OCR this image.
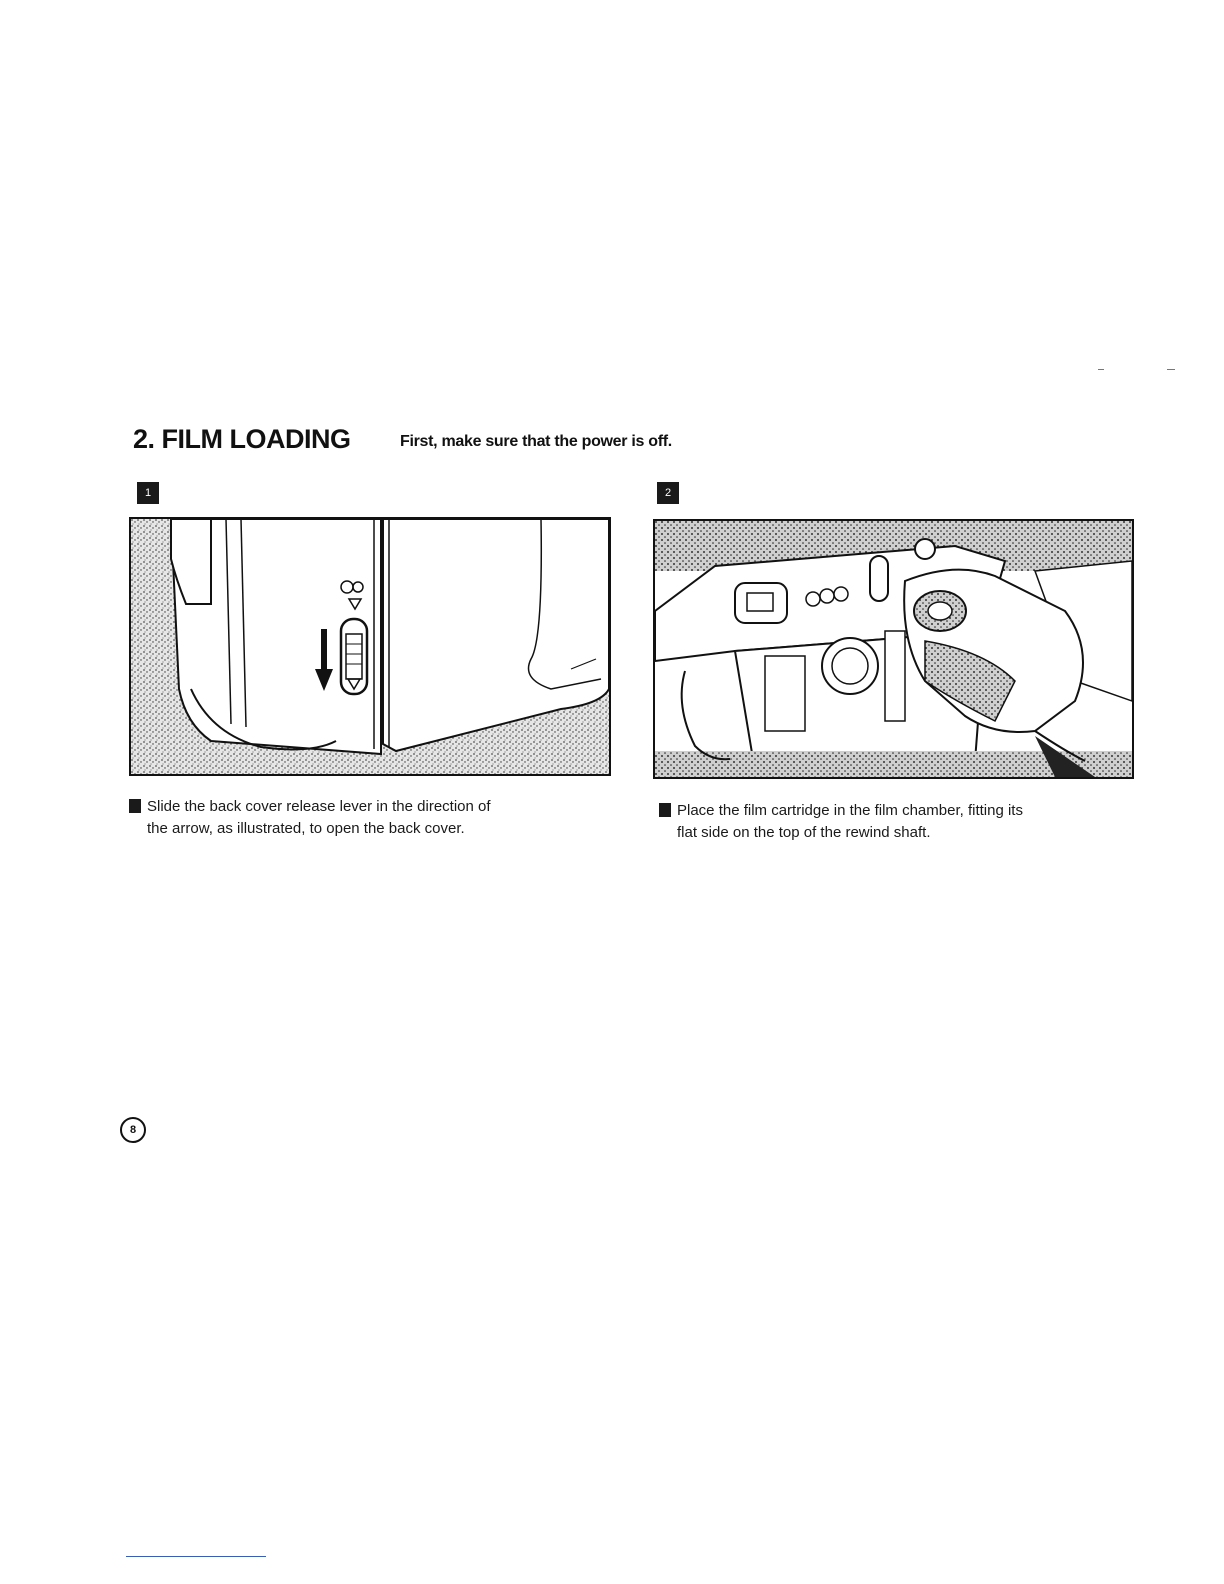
2. FILM LOADING	First, make sure that the power is off.
1	2
Slide the back cover release lever in the direction of
the arrow, as illustrated, to open the back cover.
Place the film cartridge in the film chamber, fitting its
flat side on the top of the rewind shaft.
8
